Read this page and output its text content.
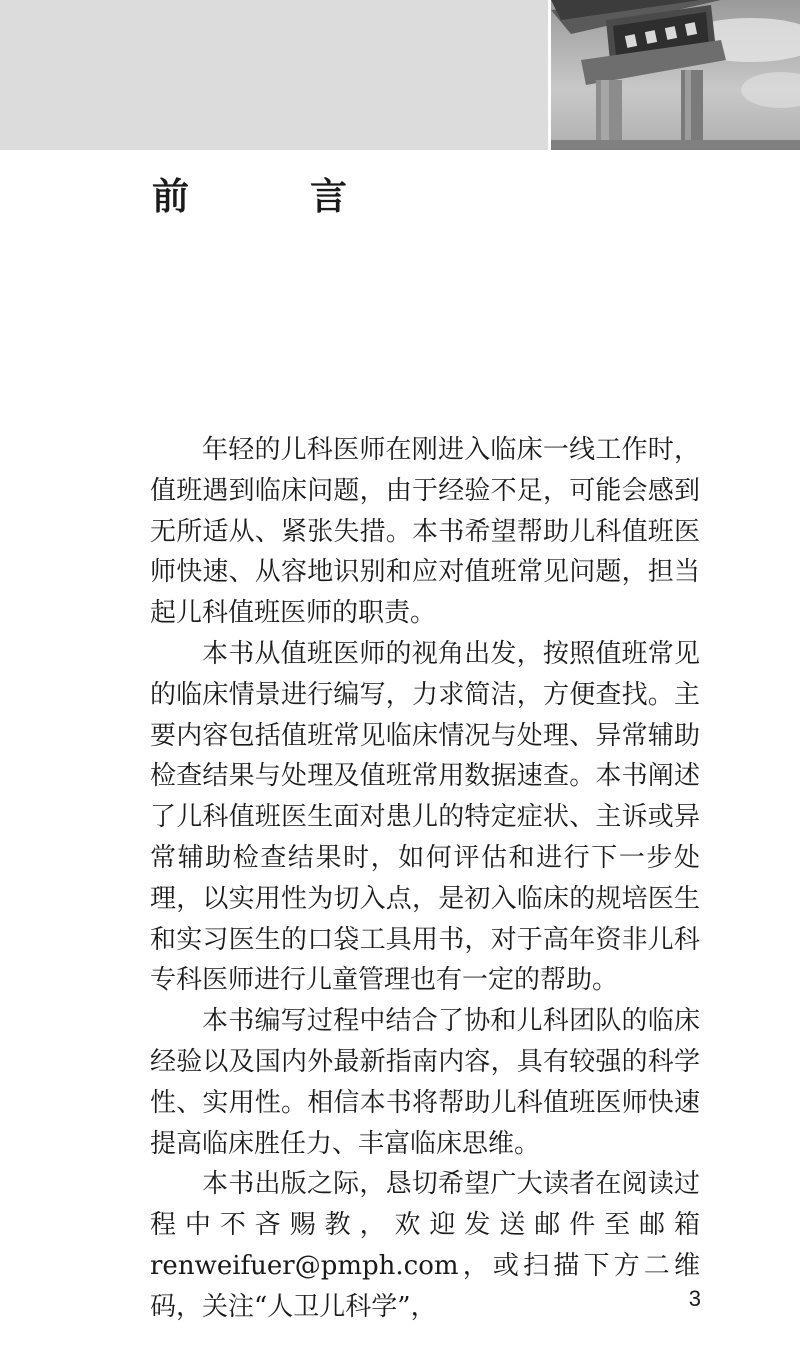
前　言

年轻的儿科医师在刚进入临床一线工作时，值班遇到临床问题，由于经验不足，可能会感到无所适从、紧张失措。本书希望帮助儿科值班医师快速、从容地识别和应对值班常见问题，担当起儿科值班医师的职责。

本书从值班医师的视角出发，按照值班常见的临床情景进行编写，力求简洁，方便查找。主要内容包括值班常见临床情况与处理、异常辅助检查结果与处理及值班常用数据速查。本书阐述了儿科值班医生面对患儿的特定症状、主诉或异常辅助检查结果时，如何评估和进行下一步处理，以实用性为切入点，是初入临床的规培医生和实习医生的口袋工具用书，对于高年资非儿科专科医师进行儿童管理也有一定的帮助。

本书编写过程中结合了协和儿科团队的临床经验以及国内外最新指南内容，具有较强的科学性、实用性。相信本书将帮助儿科值班医师快速提高临床胜任力、丰富临床思维。

本书出版之际，恳切希望广大读者在阅读过程中不吝赐教，欢迎发送邮件至邮箱 renweifuer@pmph.com，或扫描下方二维码，关注“人卫儿科学”，	3
